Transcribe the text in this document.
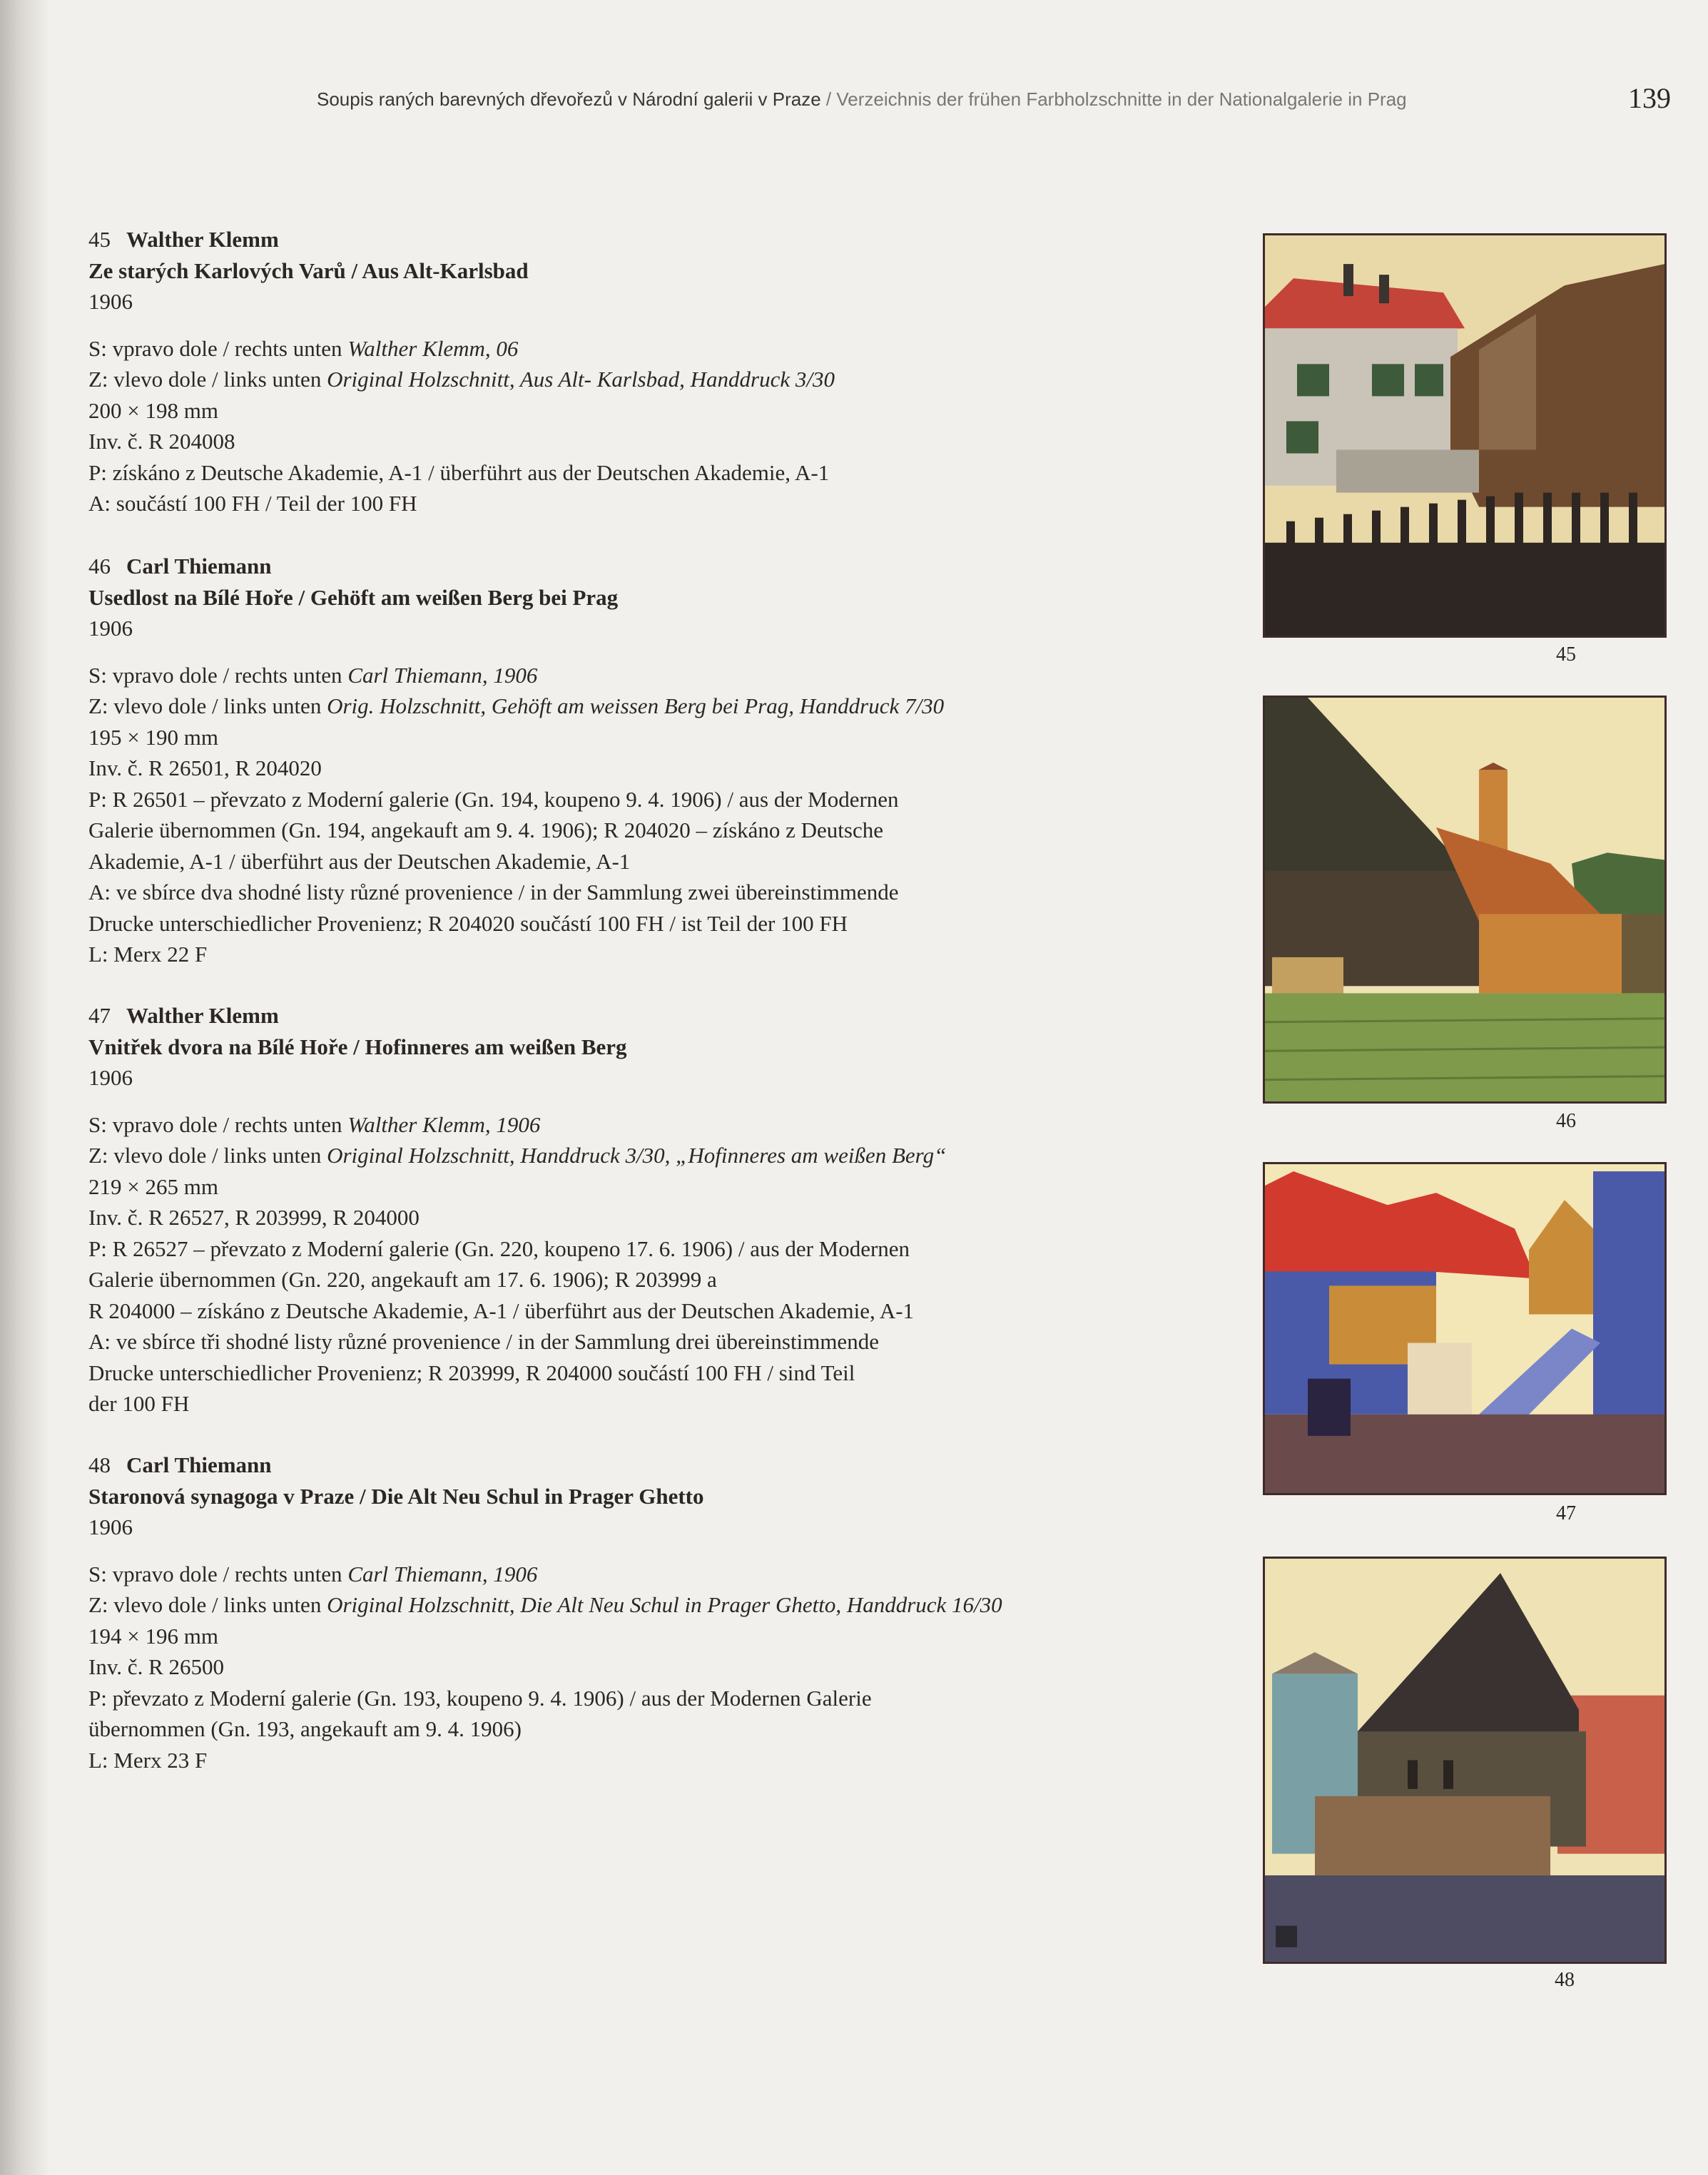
Soupis raných barevných dřevořezů v Národní galerii v Praze / Verzeichnis der frühen Farbholzschnitte in der Nationalgalerie in Prag	139
45 Walther Klemm
Ze starých Karlových Varů / Aus Alt-Karlsbad
1906
S: vpravo dole / rechts unten Walther Klemm, 06
Z: vlevo dole / links unten Original Holzschnitt, Aus Alt- Karlsbad, Handdruck 3/30
200 × 198 mm
Inv. č. R 204008
P: získáno z Deutsche Akademie, A-1 / überführt aus der Deutschen Akademie, A-1
A: součástí 100 FH / Teil der 100 FH
46 Carl Thiemann
Usedlost na Bílé Hoře / Gehöft am weißen Berg bei Prag
1906
S: vpravo dole / rechts unten Carl Thiemann, 1906
Z: vlevo dole / links unten Orig. Holzschnitt, Gehöft am weissen Berg bei Prag, Handdruck 7/30
195 × 190 mm
Inv. č. R 26501, R 204020
P: R 26501 – převzato z Moderní galerie (Gn. 194, koupeno 9. 4. 1906) / aus der Modernen
Galerie übernommen (Gn. 194, angekauft am 9. 4. 1906); R 204020 – získáno z Deutsche
Akademie, A-1 / überführt aus der Deutschen Akademie, A-1
A: ve sbírce dva shodné listy různé provenience / in der Sammlung zwei übereinstimmende
Drucke unterschiedlicher Provenienz; R 204020 součástí 100 FH / ist Teil der 100 FH
L: Merx 22 F
47 Walther Klemm
Vnitřek dvora na Bílé Hoře / Hofinneres am weißen Berg
1906
S: vpravo dole / rechts unten Walther Klemm, 1906
Z: vlevo dole / links unten Original Holzschnitt, Handdruck 3/30, „Hofinneres am weißen Berg“
219 × 265 mm
Inv. č. R 26527, R 203999, R 204000
P: R 26527 – převzato z Moderní galerie (Gn. 220, koupeno 17. 6. 1906) / aus der Modernen
Galerie übernommen (Gn. 220, angekauft am 17. 6. 1906); R 203999 a
R 204000 – získáno z Deutsche Akademie, A-1 / überführt aus der Deutschen Akademie, A-1
A: ve sbírce tři shodné listy různé provenience / in der Sammlung drei übereinstimmende
Drucke unterschiedlicher Provenienz; R 203999, R 204000 součástí 100 FH / sind Teil
der 100 FH
48 Carl Thiemann
Staronová synagoga v Praze / Die Alt Neu Schul in Prager Ghetto
1906
S: vpravo dole / rechts unten Carl Thiemann, 1906
Z: vlevo dole / links unten Original Holzschnitt, Die Alt Neu Schul in Prager Ghetto, Handdruck 16/30
194 × 196 mm
Inv. č. R 26500
P: převzato z Moderní galerie (Gn. 193, koupeno 9. 4. 1906) / aus der Modernen Galerie
übernommen (Gn. 193, angekauft am 9. 4. 1906)
L: Merx 23 F
45
46
47
48
